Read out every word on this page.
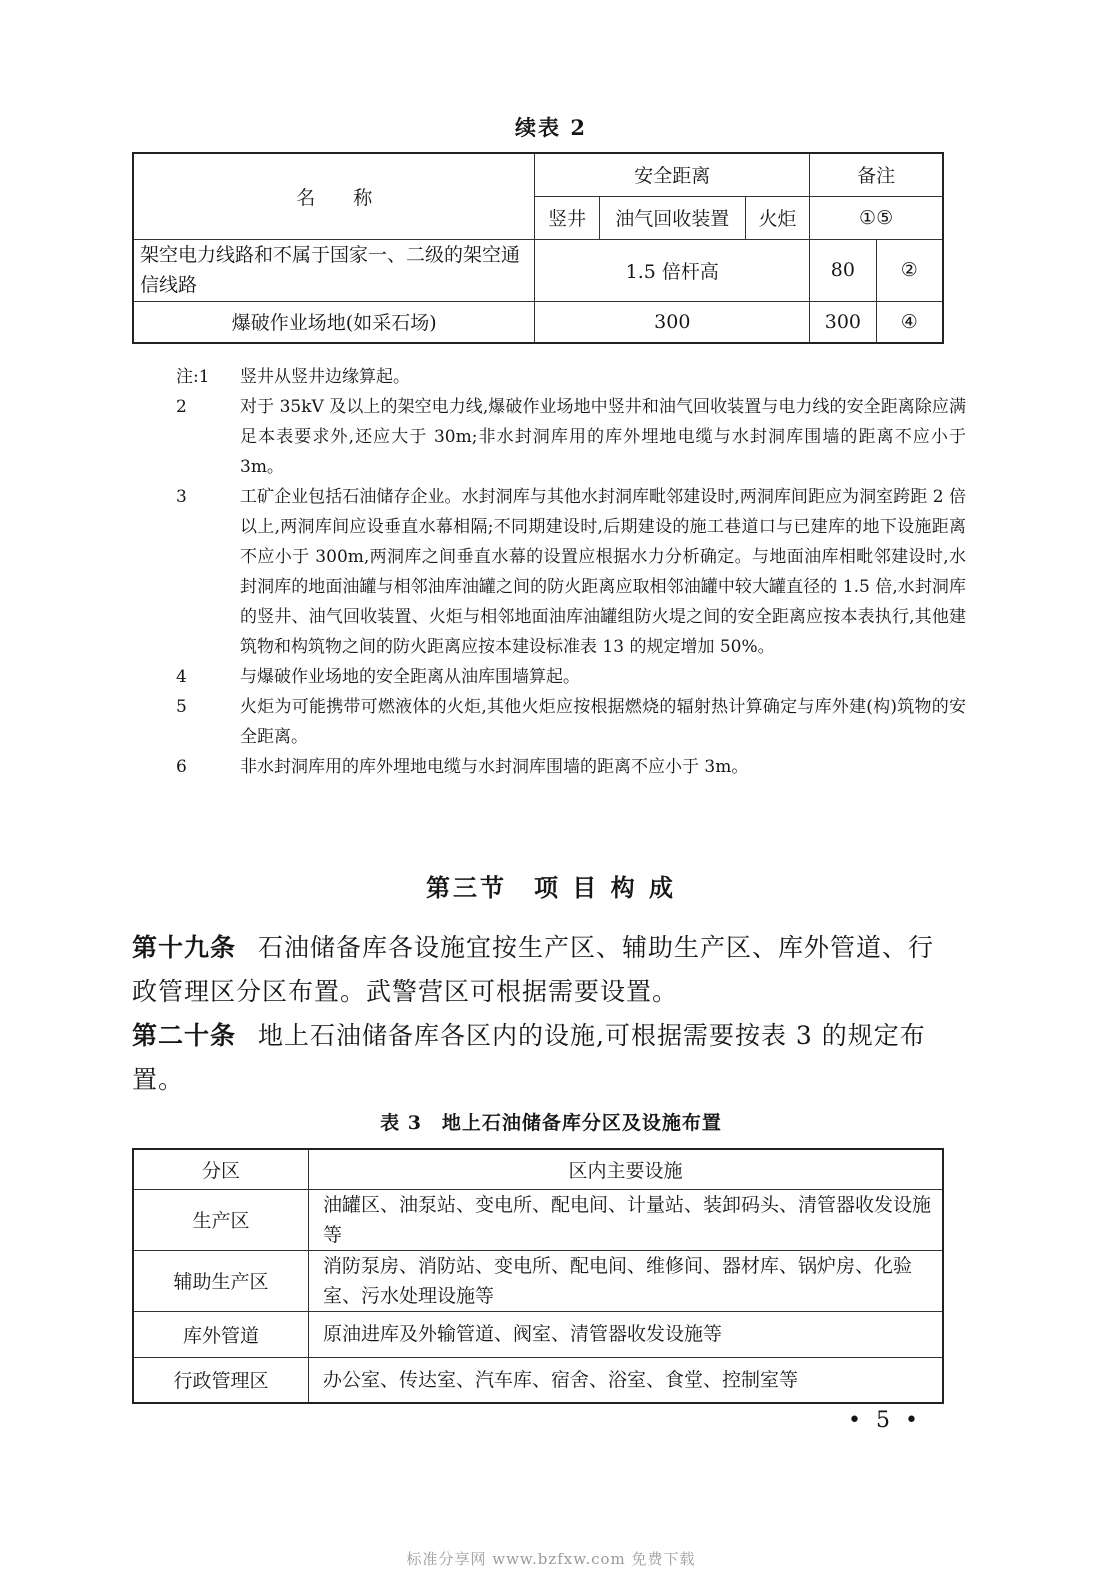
续表 2
名　　称	安全距离			备注	
	竖井	油气回收装置	火炬	①⑤	
架空电力线路和不属于国家一、二级的架空通信线路	1.5 倍杆高			80	②
爆破作业场地(如采石场)	300			300	④
注:1	竖井从竖井边缘算起。
2	对于 35kV 及以上的架空电力线,爆破作业场地中竖井和油气回收装置与电力线的安全距离除应满足本表要求外,还应大于 30m;非水封洞库用的库外埋地电缆与水封洞库围墙的距离不应小于 3m。
3	工矿企业包括石油储存企业。水封洞库与其他水封洞库毗邻建设时,两洞库间距应为洞室跨距 2 倍以上,两洞库间应设垂直水幕相隔;不同期建设时,后期建设的施工巷道口与已建库的地下设施距离不应小于 300m,两洞库之间垂直水幕的设置应根据水力分析确定。与地面油库相毗邻建设时,水封洞库的地面油罐与相邻油库油罐之间的防火距离应取相邻油罐中较大罐直径的 1.5 倍,水封洞库的竖井、油气回收装置、火炬与相邻地面油库油罐组防火堤之间的安全距离应按本表执行,其他建筑物和构筑物之间的防火距离应按本建设标准表 13 的规定增加 50%。
4	与爆破作业场地的安全距离从油库围墙算起。
5	火炬为可能携带可燃液体的火炬,其他火炬应按根据燃烧的辐射热计算确定与库外建(构)筑物的安全距离。
6	非水封洞库用的库外埋地电缆与水封洞库围墙的距离不应小于 3m。
第三节　项 目 构 成
第十九条 石油储备库各设施宜按生产区、辅助生产区、库外管道、行政管理区分区布置。武警营区可根据需要设置。
第二十条 地上石油储备库各区内的设施,可根据需要按表 3 的规定布置。
表 3　地上石油储备库分区及设施布置
分区	区内主要设施
生产区	油罐区、油泵站、变电所、配电间、计量站、装卸码头、清管器收发设施等
辅助生产区	消防泵房、消防站、变电所、配电间、维修间、器材库、锅炉房、化验室、污水处理设施等
库外管道	原油进库及外输管道、阀室、清管器收发设施等
行政管理区	办公室、传达室、汽车库、宿舍、浴室、食堂、控制室等
• 5 •
标准分享网 www.bzfxw.com 免费下载
